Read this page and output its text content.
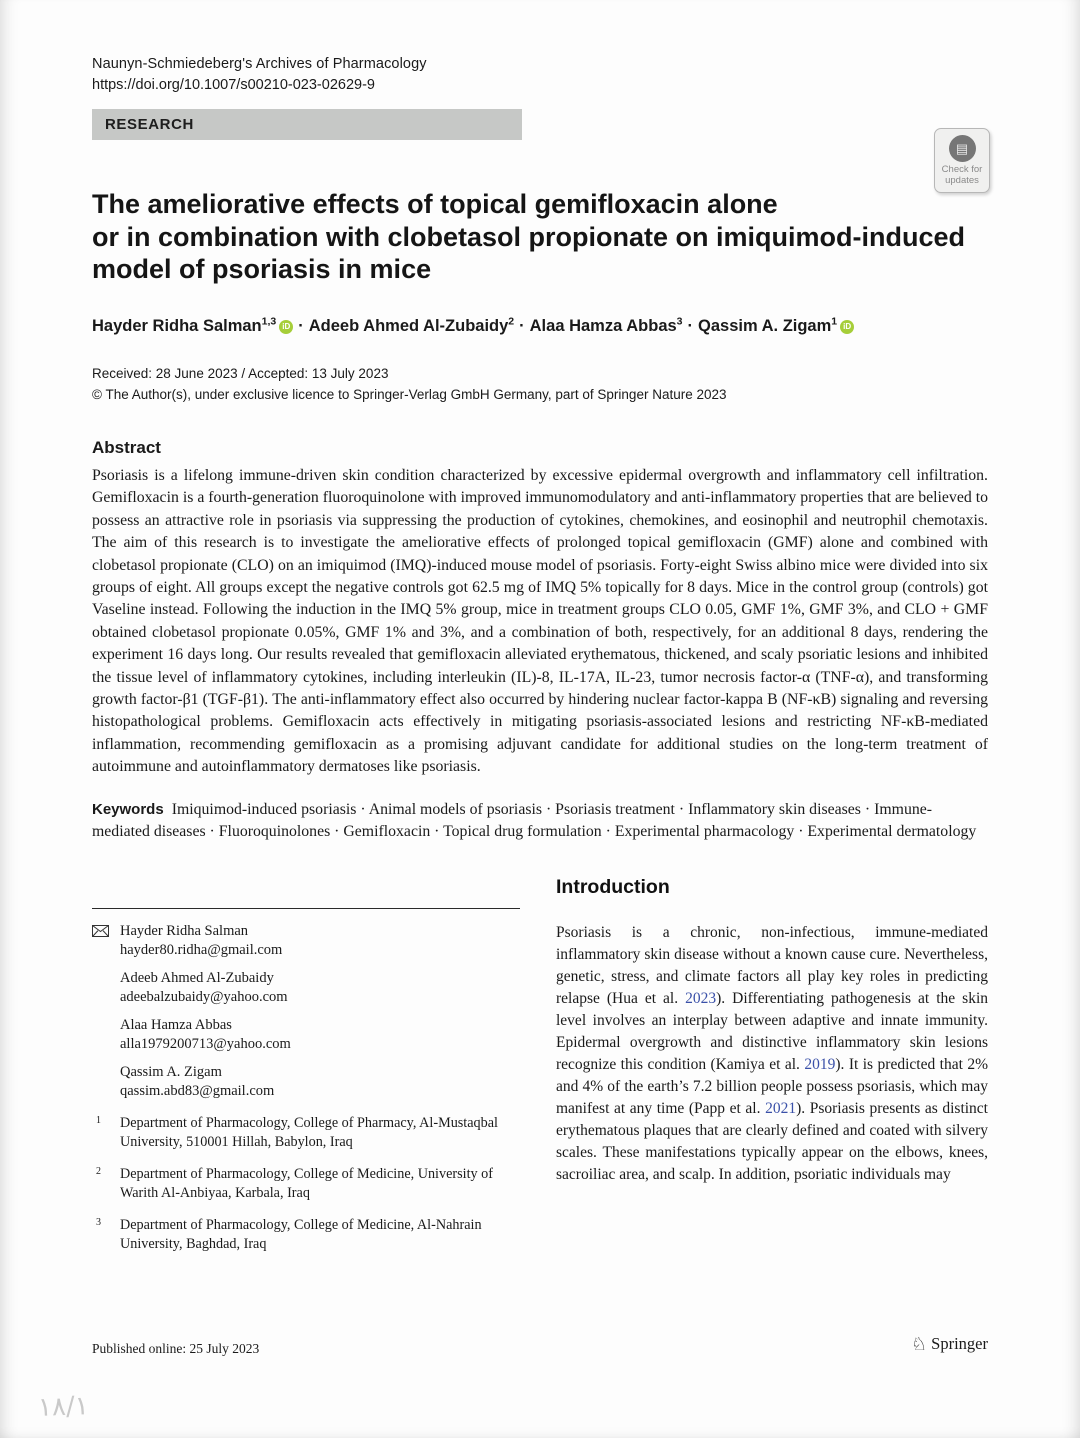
Naunyn-Schmiedeberg's Archives of Pharmacology
https://doi.org/10.1007/s00210-023-02629-9
RESEARCH
▤
Check for
updates
The ameliorative effects of topical gemifloxacin alone
or in combination with clobetasol propionate on imiquimod-induced
model of psoriasis in mice
Hayder Ridha Salman$^{1,3}$ iD · Adeeb Ahmed Al-Zubaidy$^2$ · Alaa Hamza Abbas$^3$ · Qassim A. Zigam$^1$ iD
Received: 28 June 2023 / Accepted: 13 July 2023
© The Author(s), under exclusive licence to Springer-Verlag GmbH Germany, part of Springer Nature 2023
Abstract
Psoriasis is a lifelong immune-driven skin condition characterized by excessive epidermal overgrowth and inflammatory cell infiltration. Gemifloxacin is a fourth-generation fluoroquinolone with improved immunomodulatory and anti-inflammatory properties that are believed to possess an attractive role in psoriasis via suppressing the production of cytokines, chemokines, and eosinophil and neutrophil chemotaxis. The aim of this research is to investigate the ameliorative effects of prolonged topical gemifloxacin (GMF) alone and combined with clobetasol propionate (CLO) on an imiquimod (IMQ)-induced mouse model of psoriasis. Forty-eight Swiss albino mice were divided into six groups of eight. All groups except the negative controls got 62.5 mg of IMQ 5% topically for 8 days. Mice in the control group (controls) got Vaseline instead. Following the induction in the IMQ 5% group, mice in treatment groups CLO 0.05, GMF 1%, GMF 3%, and CLO + GMF obtained clobetasol propionate 0.05%, GMF 1% and 3%, and a combination of both, respectively, for an additional 8 days, rendering the experiment 16 days long. Our results revealed that gemifloxacin alleviated erythematous, thickened, and scaly psoriatic lesions and inhibited the tissue level of inflammatory cytokines, including interleukin (IL)-8, IL-17A, IL-23, tumor necrosis factor-α (TNF-α), and transforming growth factor-β1 (TGF-β1). The anti-inflammatory effect also occurred by hindering nuclear factor-kappa B (NF-κB) signaling and reversing histopathological problems. Gemifloxacin acts effectively in mitigating psoriasis-associated lesions and restricting NF-κB-mediated inflammation, recommending gemifloxacin as a promising adjuvant candidate for additional studies on the long-term treatment of autoimmune and autoinflammatory dermatoses like psoriasis.
Keywords Imiquimod-induced psoriasis · Animal models of psoriasis · Psoriasis treatment · Inflammatory skin diseases · Immune-mediated diseases · Fluoroquinolones · Gemifloxacin · Topical drug formulation · Experimental pharmacology · Experimental dermatology
Hayder Ridha Salman
hayder80.ridha@gmail.com
Adeeb Ahmed Al-Zubaidy
adeebalzubaidy@yahoo.com
Alaa Hamza Abbas
alla1979200713@yahoo.com
Qassim A. Zigam
qassim.abd83@gmail.com
1 Department of Pharmacology, College of Pharmacy, Al-Mustaqbal University, 510001 Hillah, Babylon, Iraq
2 Department of Pharmacology, College of Medicine, University of Warith Al-Anbiyaa, Karbala, Iraq
3 Department of Pharmacology, College of Medicine, Al-Nahrain University, Baghdad, Iraq
Introduction
Psoriasis is a chronic, non-infectious, immune-mediated inflammatory skin disease without a known cause cure. Nevertheless, genetic, stress, and climate factors all play key roles in predicting relapse (Hua et al. 2023). Differentiating pathogenesis at the skin level involves an interplay between adaptive and innate immunity. Epidermal overgrowth and distinctive inflammatory skin lesions recognize this condition (Kamiya et al. 2019). It is predicted that 2% and 4% of the earth’s 7.2 billion people possess psoriasis, which may manifest at any time (Papp et al. 2021). Psoriasis presents as distinct erythematous plaques that are clearly defined and coated with silvery scales. These manifestations typically appear on the elbows, knees, sacroiliac area, and scalp. In addition, psoriatic individuals may
Published online: 25 July 2023	♘ Springer
١٨/١
